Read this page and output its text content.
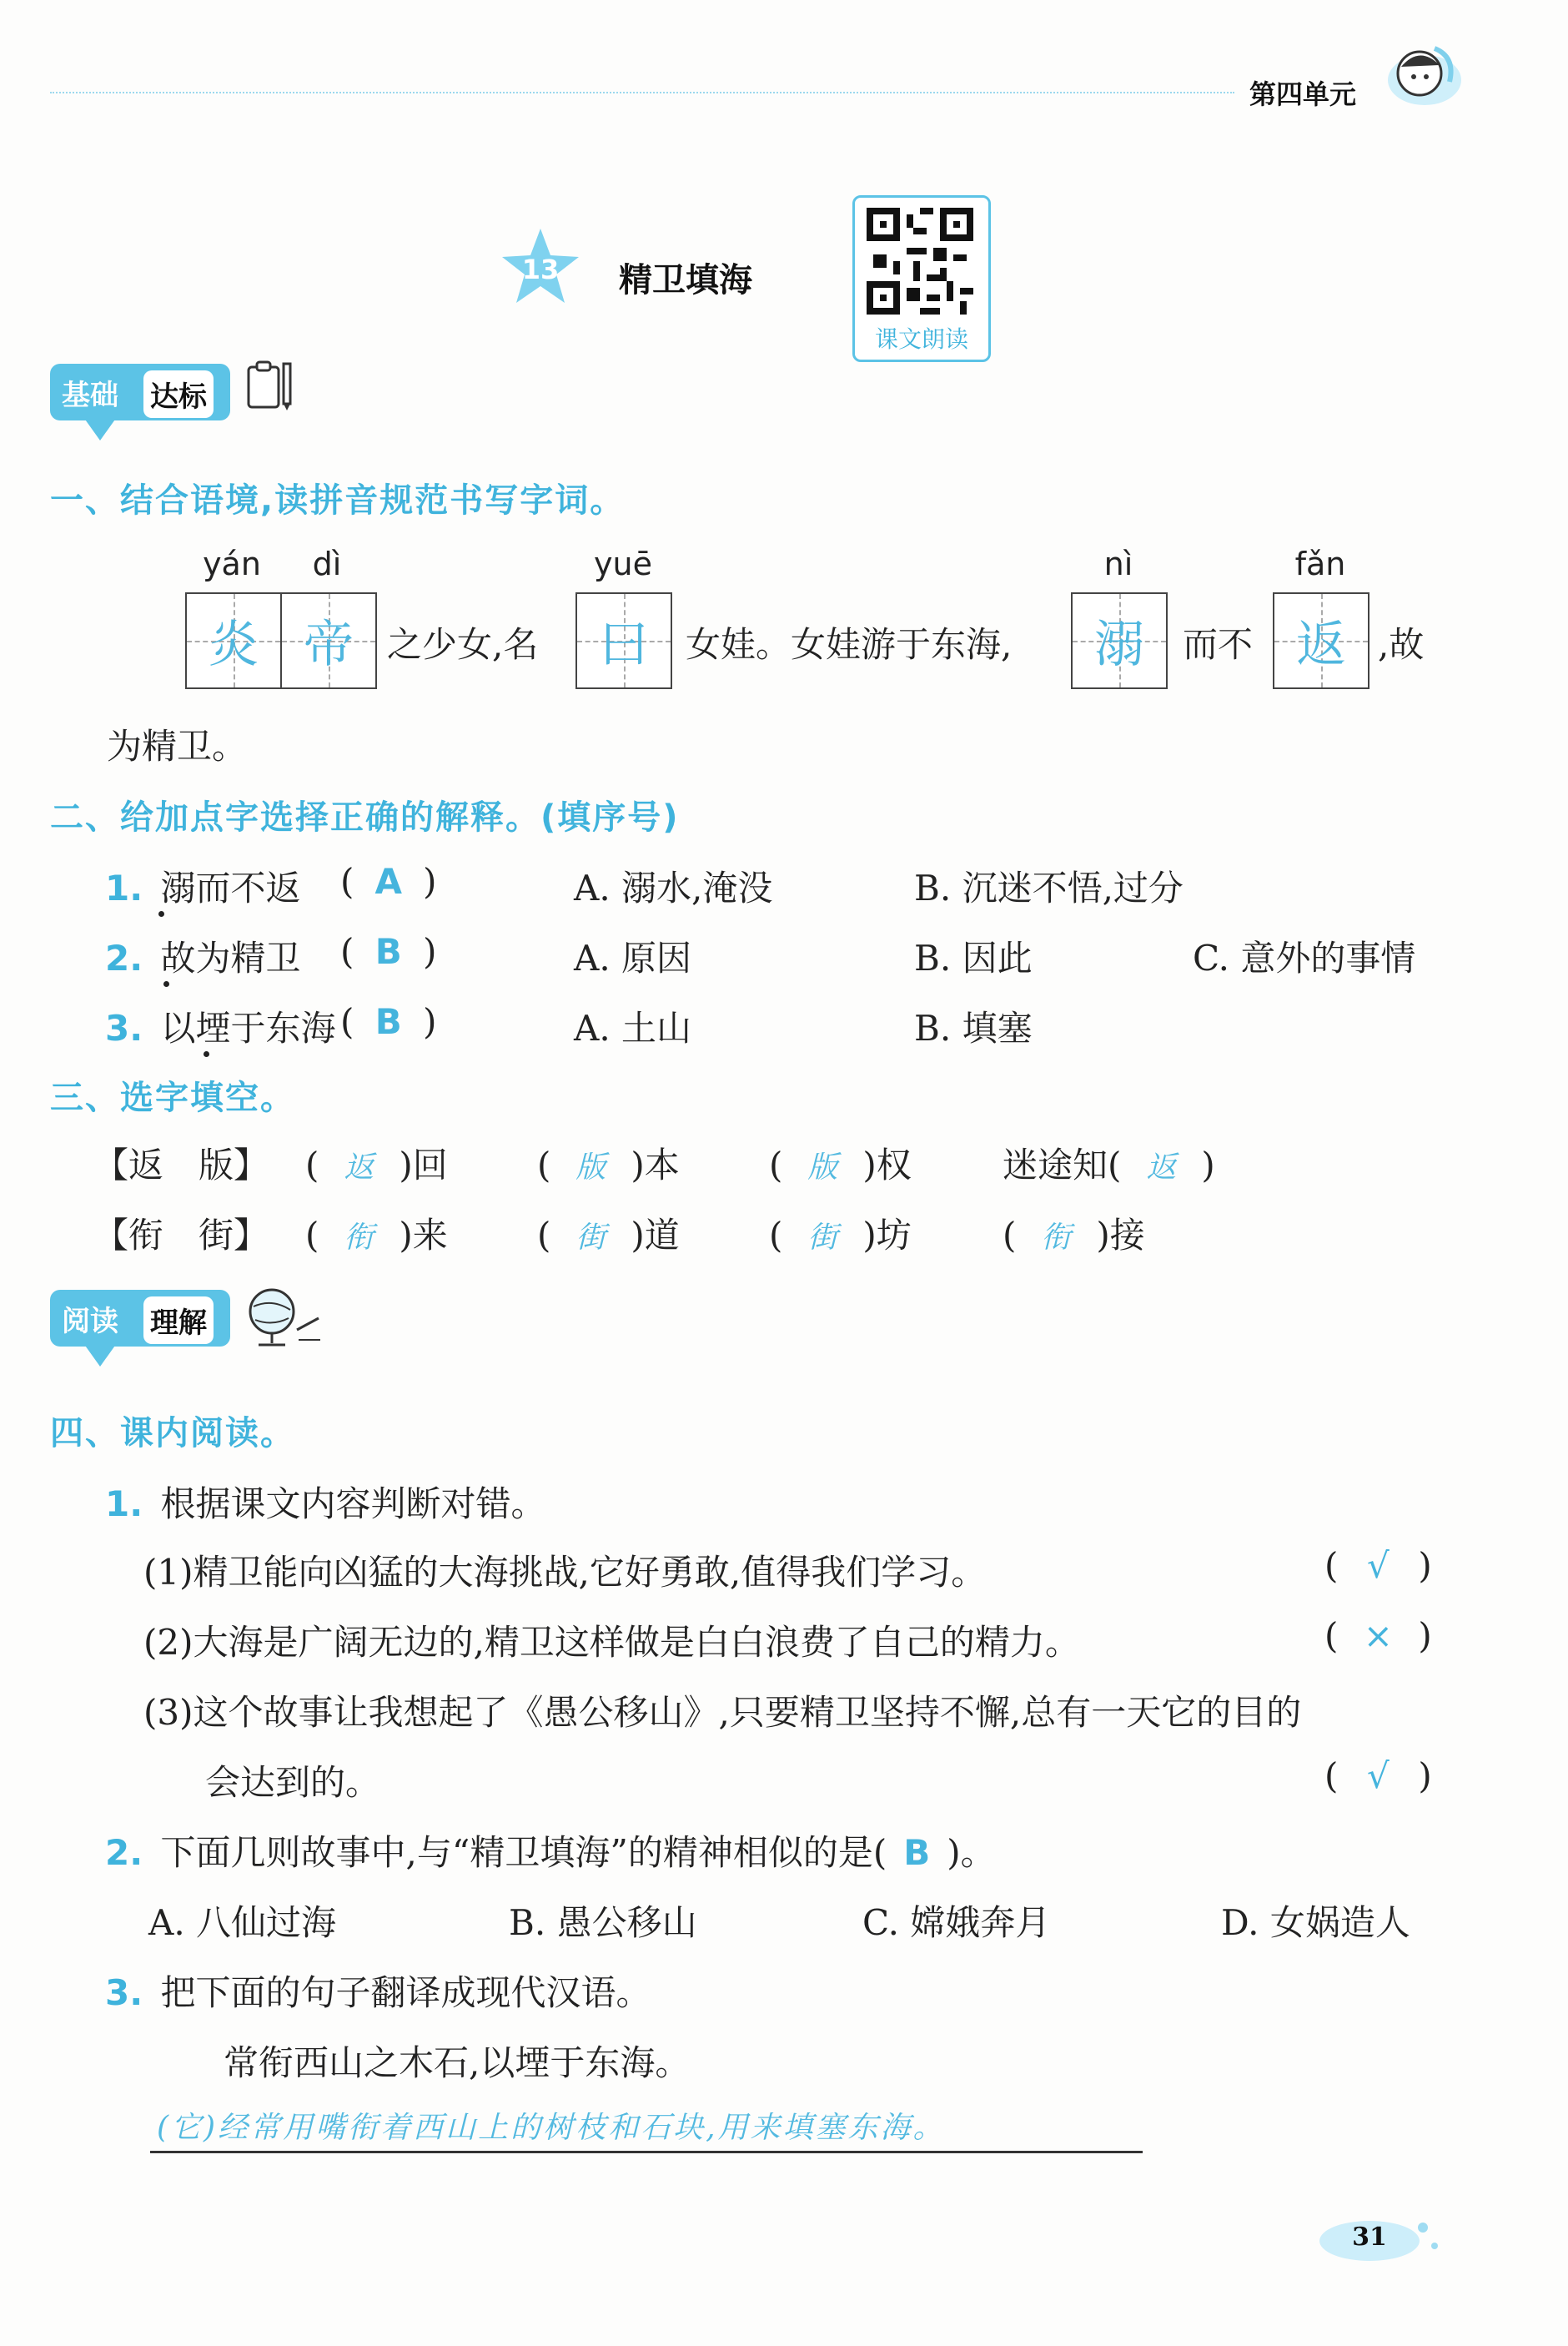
第四单元
13	精卫填海
课文朗读
基础 达标
一、结合语境,读拼音规范书写字词。
yán	dì
炎 帝 之少女,名
yuē
曰	女娃。女娃游于东海,
nì
溺	而不
fǎn
返 ,故
为精卫。
二、给加点字选择正确的解释。(填序号)
1. 溺而不返 ( A )	A. 溺水,淹没	B. 沉迷不悟,过分
2. 故为精卫 ( B )	A. 原因	B. 因此	C. 意外的事情
3. 以堙于东海 ( B )	A. 土山	B. 填塞
三、选字填空。
【返　版】 ( 返 )回	( 版 )本	( 版 )权	迷途知( 返 )
【衔　街】 ( 衔 )来	( 街 )道	( 街 )坊	( 衔 )接
阅读 理解
四、课内阅读。
1. 根据课文内容判断对错。
(1)精卫能向凶猛的大海挑战,它好勇敢,值得我们学习。	( √ )
(2)大海是广阔无边的,精卫这样做是白白浪费了自己的精力。	( × )
(3)这个故事让我想起了《愚公移山》,只要精卫坚持不懈,总有一天它的目的
会达到的。	( √ )
2. 下面几则故事中,与“精卫填海”的精神相似的是( B )。
A. 八仙过海	B. 愚公移山	C. 嫦娥奔月	D. 女娲造人
3. 把下面的句子翻译成现代汉语。
常衔西山之木石,以堙于东海。
(它)经常用嘴衔着西山上的树枝和石块,用来填塞东海。
31
